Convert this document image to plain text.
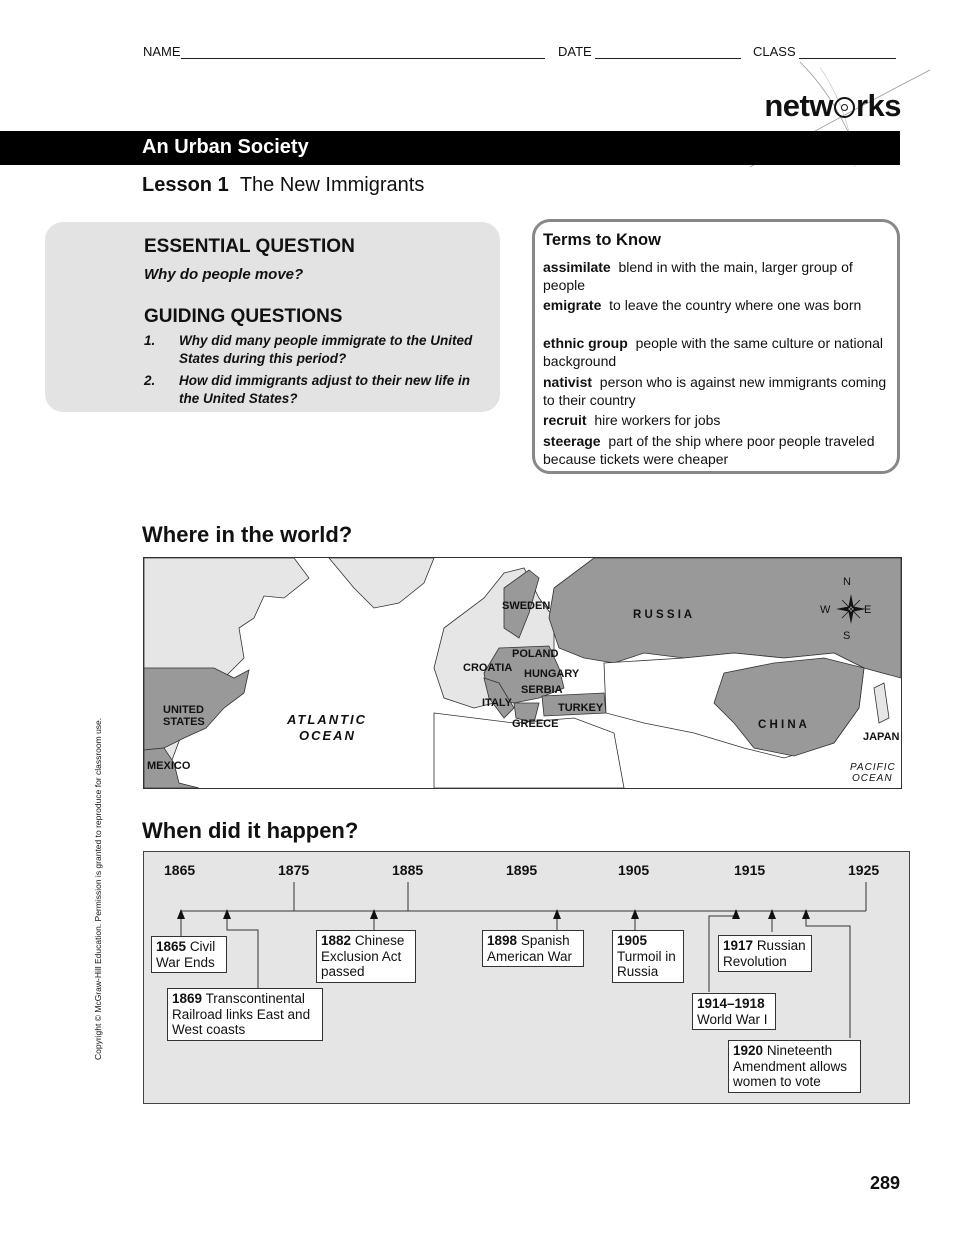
NAME	DATE	CLASS
netw rks
An Urban Society
Lesson 1 The New Immigrants
ESSENTIAL QUESTION
Why do people move?
GUIDING QUESTIONS
1. Why did many people immigrate to the United States during this period?
2. How did immigrants adjust to their new life in the United States?
Terms to Know
assimilate blend in with the main, larger group of people
emigrate to leave the country where one was born
ethnic group people with the same culture or national background
nativist person who is against new immigrants coming to their country
recruit hire workers for jobs
steerage part of the ship where poor people traveled because tickets were cheaper
Where in the world?
N
S
W	E
SWEDEN
R U S S I A
POLAND
CROATIA HUNGARY
SERBIA
ITALY	TURKEY
GREECE	C H I N A
JAPAN
UNITED
STATES
MEXICO
ATLANTIC
OCEAN
PACIFIC
OCEAN
When did it happen?
1865	1875	1885	1895	1905	1915	1925
1865 Civil War Ends
1869 Transcontinental Railroad links East and West coasts
1882 Chinese Exclusion Act passed
1898 Spanish American War
1905
Turmoil in Russia
1914–1918
World War I
1917 Russian Revolution
1920 Nineteenth Amendment allows women to vote
289
Copyright © McGraw-Hill Education. Permission is granted to reproduce for classroom use.
